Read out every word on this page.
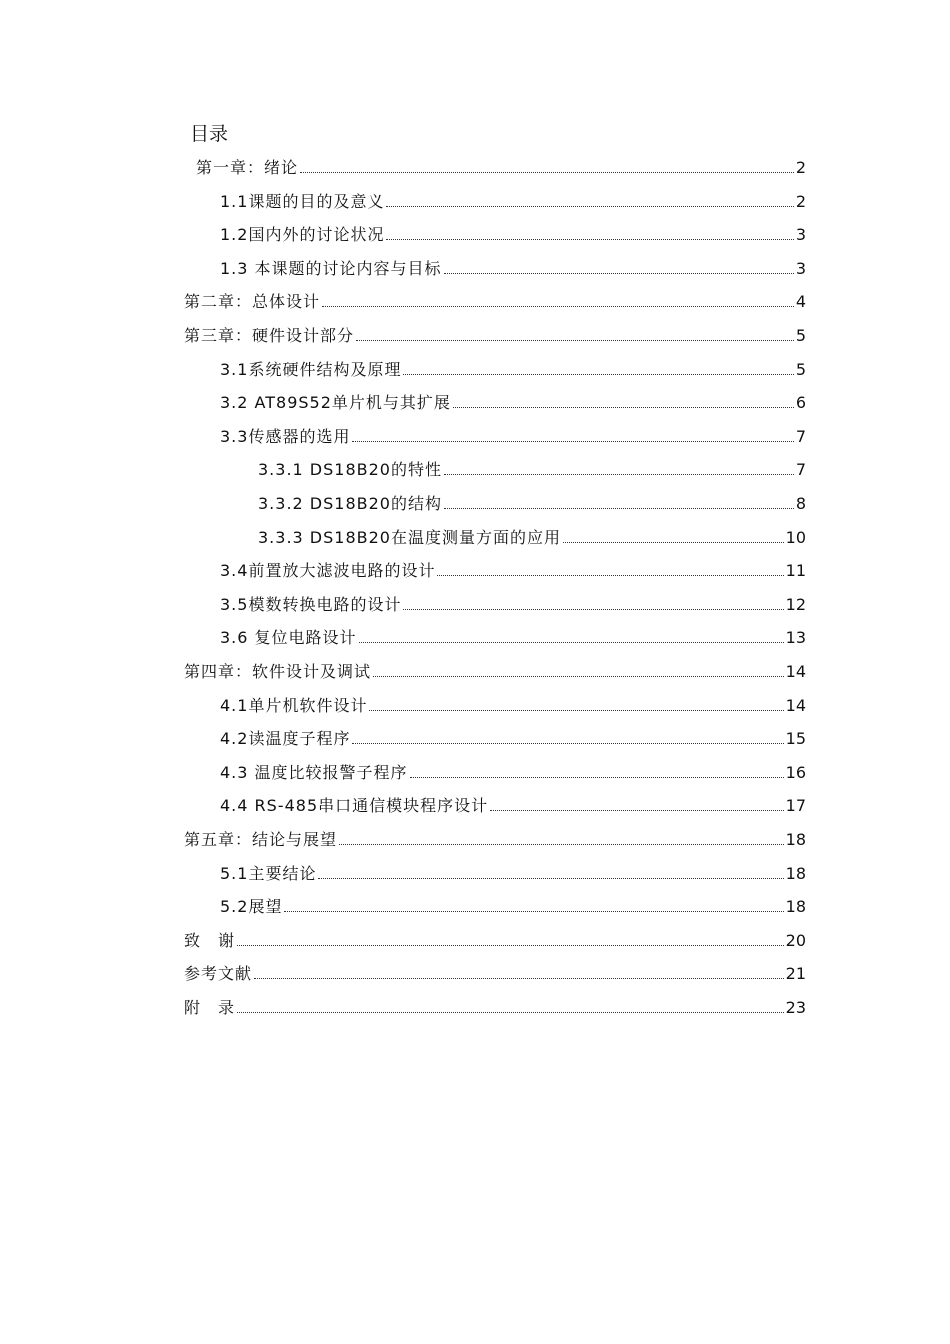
目录
第一章：绪论	2
1.1课题的目的及意义	2
1.2国内外的讨论状况	3
1.3 本课题的讨论内容与目标	3
第二章：总体设计	4
第三章：硬件设计部分	5
3.1系统硬件结构及原理	5
3.2 AT89S52单片机与其扩展	6
3.3传感器的选用	7
3.3.1 DS18B20的特性	7
3.3.2 DS18B20的结构	8
3.3.3 DS18B20在温度测量方面的应用	10
3.4前置放大滤波电路的设计	11
3.5模数转换电路的设计	12
3.6 复位电路设计	13
第四章：软件设计及调试	14
4.1单片机软件设计	14
4.2读温度子程序	15
4.3 温度比较报警子程序	16
4.4 RS-485串口通信模块程序设计	17
第五章：结论与展望	18
5.1主要结论	18
5.2展望	18
致　谢	20
参考文献	21
附　录	23
